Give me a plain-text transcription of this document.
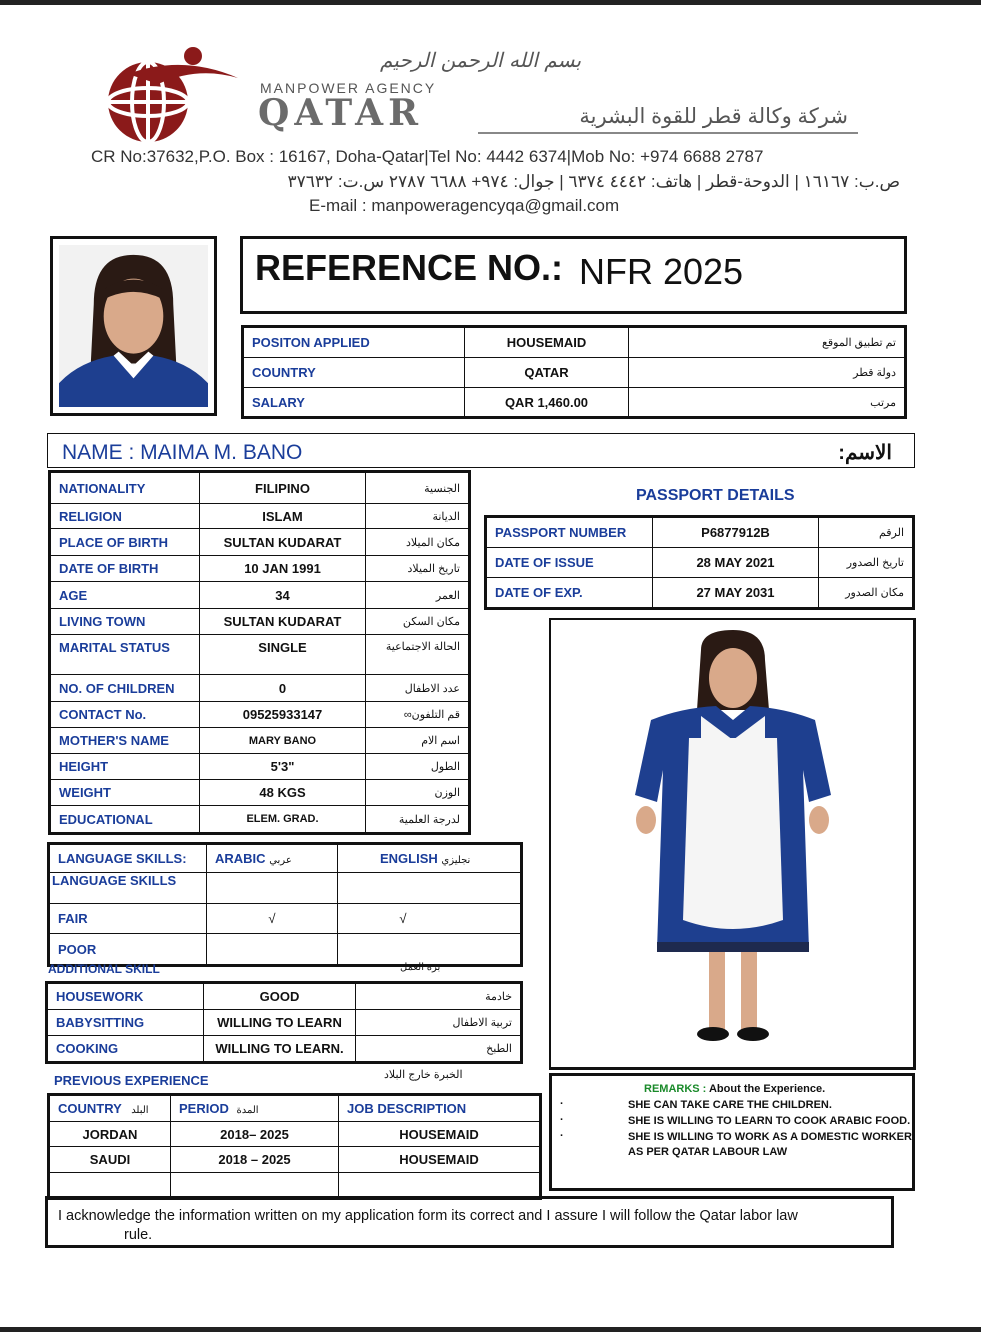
بسم الله الرحمن الرحيم
MANPOWER AGENCY
QATAR	شركة وكالة قطر للقوة البشرية
CR No:37632,P.O. Box : 16167, Doha-Qatar|Tel No: 4442 6374|Mob No: +974 6688 2787
ص.ب: ١٦١٦٧ | الدوحة-قطر | هاتف: ٤٤٤٢ ٦٣٧٤ | جوال: ٩٧٤+ ٦٦٨٨ ٢٧٨٧ س.ت: ٣٧٦٣٢
E-mail : manpoweragencyqa@gmail.com
REFERENCE NO.: NFR 2025
POSITON APPLIED	HOUSEMAID	تم تطبيق الموقع
COUNTRY	QATAR	دولة قطر
SALARY	QAR 1,460.00	مرتب
NAME : MAIMA M. BANO	الاسم:
NATIONALITY	FILIPINO	الجنسية
RELIGION	ISLAM	الديانة
PLACE OF BIRTH	SULTAN KUDARAT	مكان الميلاد
DATE OF BIRTH	10 JAN 1991	تاريخ الميلاد
AGE	34	العمر
LIVING TOWN	SULTAN KUDARAT	مكان السكن
MARITAL STATUS	SINGLE	الحالة الاجتماعية
NO. OF CHILDREN	0	عدد الاطفال
CONTACT No.	09525933147	قم التلفون∞
MOTHER'S NAME	MARY BANO	اسم الام
HEIGHT	5'3"	الطول
WEIGHT	48 KGS	الوزن
EDUCATIONAL	ELEM. GRAD.	لدرجة العلمية
PASSPORT DETAILS
PASSPORT NUMBER	P6877912B	الرقم
DATE OF ISSUE	28 MAY 2021	تاريخ الصدور
DATE OF EXP.	27 MAY 2031	مكان الصدور
LANGUAGE SKILLS:	ARABIC عربي	ENGLISH نجليزي
LANGUAGE SKILLS		
FAIR	√	√
POOR		
ADDITIONAL SKILL	برة العمل
HOUSEWORK	GOOD	خادمة
BABYSITTING	WILLING TO LEARN	تربية الاطفال
COOKING	WILLING TO LEARN.	الطبخ
PREVIOUS EXPERIENCE	الخبرة خارج البلاد
COUNTRY البلد	PERIOD المدة	JOB DESCRIPTION
JORDAN	2018– 2025	HOUSEMAID
SAUDI	2018 – 2025	HOUSEMAID

REMARKS : About the Experience.
·	SHE CAN TAKE CARE THE CHILDREN.
·	SHE IS WILLING TO LEARN TO COOK ARABIC FOOD.
·	SHE IS WILLING TO WORK AS A DOMESTIC WORKER AS PER QATAR LABOUR LAW
I acknowledge the information written on my application form its correct and I assure I will follow the Qatar labor law
rule.
